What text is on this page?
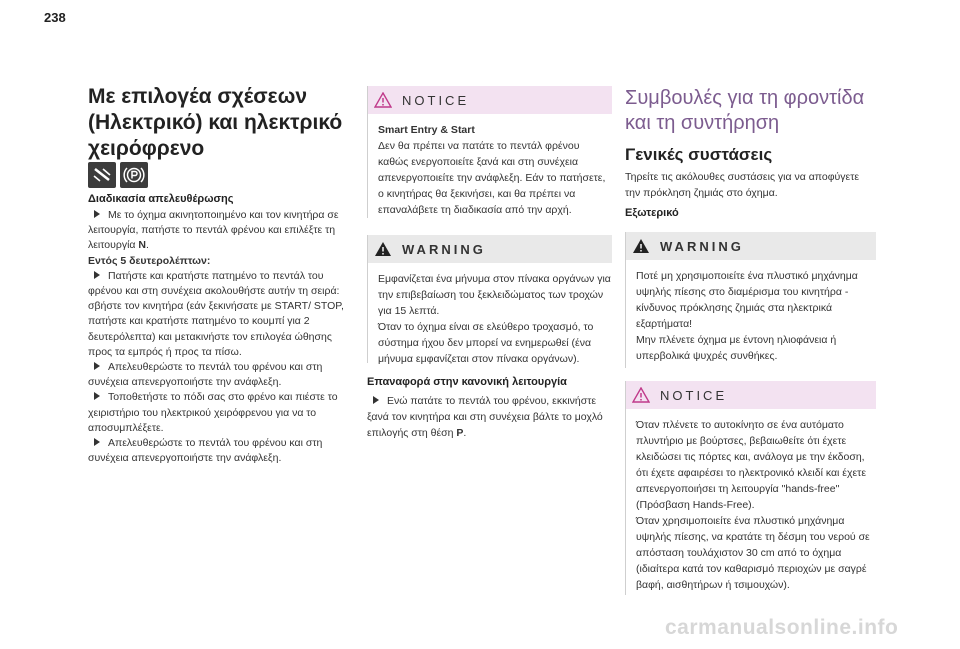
238
Με επιλογέα σχέσεων (Ηλεκτρικό) και ηλεκτρικό χειρόφρενο
Διαδικασία απελευθέρωσης

Με το όχημα ακινητοποιημένο και τον κινητήρα σε λειτουργία, πατήστε το πεντάλ φρένου και επιλέξτε τη λειτουργία N.

Εντός 5 δευτερολέπτων:

Πατήστε και κρατήστε πατημένο το πεντάλ του φρένου και στη συνέχεια ακολουθήστε αυτήν τη σειρά: σβήστε τον κινητήρα (εάν ξεκινήσατε με START/ STOP, πατήστε και κρατήστε πατημένο το κουμπί για 2 δευτερόλεπτα) και μετακινήστε τον επιλογέα ώθησης προς τα εμπρός ή προς τα πίσω.

Απελευθερώστε το πεντάλ του φρένου και στη συνέχεια απενεργοποιήστε την ανάφλεξη.

Τοποθετήστε το πόδι σας στο φρένο και πιέστε το χειριστήριο του ηλεκτρικού χειρόφρενου για να το αποσυμπλέξετε.

Απελευθερώστε το πεντάλ του φρένου και στη συνέχεια απενεργοποιήστε την ανάφλεξη.

NOTICE

Smart Entry & Start

Δεν θα πρέπει να πατάτε το πεντάλ φρένου καθώς ενεργοποιείτε ξανά και στη συνέχεια απενεργοποιείτε την ανάφλεξη. Εάν το πατήσετε, ο κινητήρας θα ξεκινήσει, και θα πρέπει να επαναλάβετε τη διαδικασία από την αρχή.

WARNING

Εμφανίζεται ένα μήνυμα στον πίνακα οργάνων για την επιβεβαίωση του ξεκλειδώματος των τροχών για 15 λεπτά.

Όταν το όχημα είναι σε ελεύθερο τροχασμό, το σύστημα ήχου δεν μπορεί να ενημερωθεί (ένα μήνυμα εμφανίζεται στον πίνακα οργάνων).

Επαναφορά στην κανονική λειτουργία

Ενώ πατάτε το πεντάλ του φρένου, εκκινήστε ξανά τον κινητήρα και στη συνέχεια βάλτε το μοχλό επιλογής στη θέση P.

Συμβουλές για τη φροντίδα και τη συντήρηση
Γενικές συστάσεις
Τηρείτε τις ακόλουθες συστάσεις για να αποφύγετε την πρόκληση ζημιάς στο όχημα.
Εξωτερικό
WARNING

Ποτέ μη χρησιμοποιείτε ένα πλυστικό μηχάνημα υψηλής πίεσης στο διαμέρισμα του κινητήρα - κίνδυνος πρόκλησης ζημιάς στα ηλεκτρικά εξαρτήματα!

Μην πλένετε όχημα με έντονη ηλιοφάνεια ή υπερβολικά ψυχρές συνθήκες.

NOTICE

Όταν πλένετε το αυτοκίνητο σε ένα αυτόματο πλυντήριο με βούρτσες, βεβαιωθείτε ότι έχετε κλειδώσει τις πόρτες και, ανάλογα με την έκδοση, ότι έχετε αφαιρέσει το ηλεκτρονικό κλειδί και έχετε απενεργοποιήσει τη λειτουργία "hands-free" (Πρόσβαση Hands-Free).

Όταν χρησιμοποιείτε ένα πλυστικό μηχάνημα υψηλής πίεσης, να κρατάτε τη δέσμη του νερού σε απόσταση τουλάχιστον 30 cm από το όχημα (ιδιαίτερα κατά τον καθαρισμό περιοχών με σαγρέ βαφή, αισθητήρων ή τσιμουχών).

carmanualsonline.info
